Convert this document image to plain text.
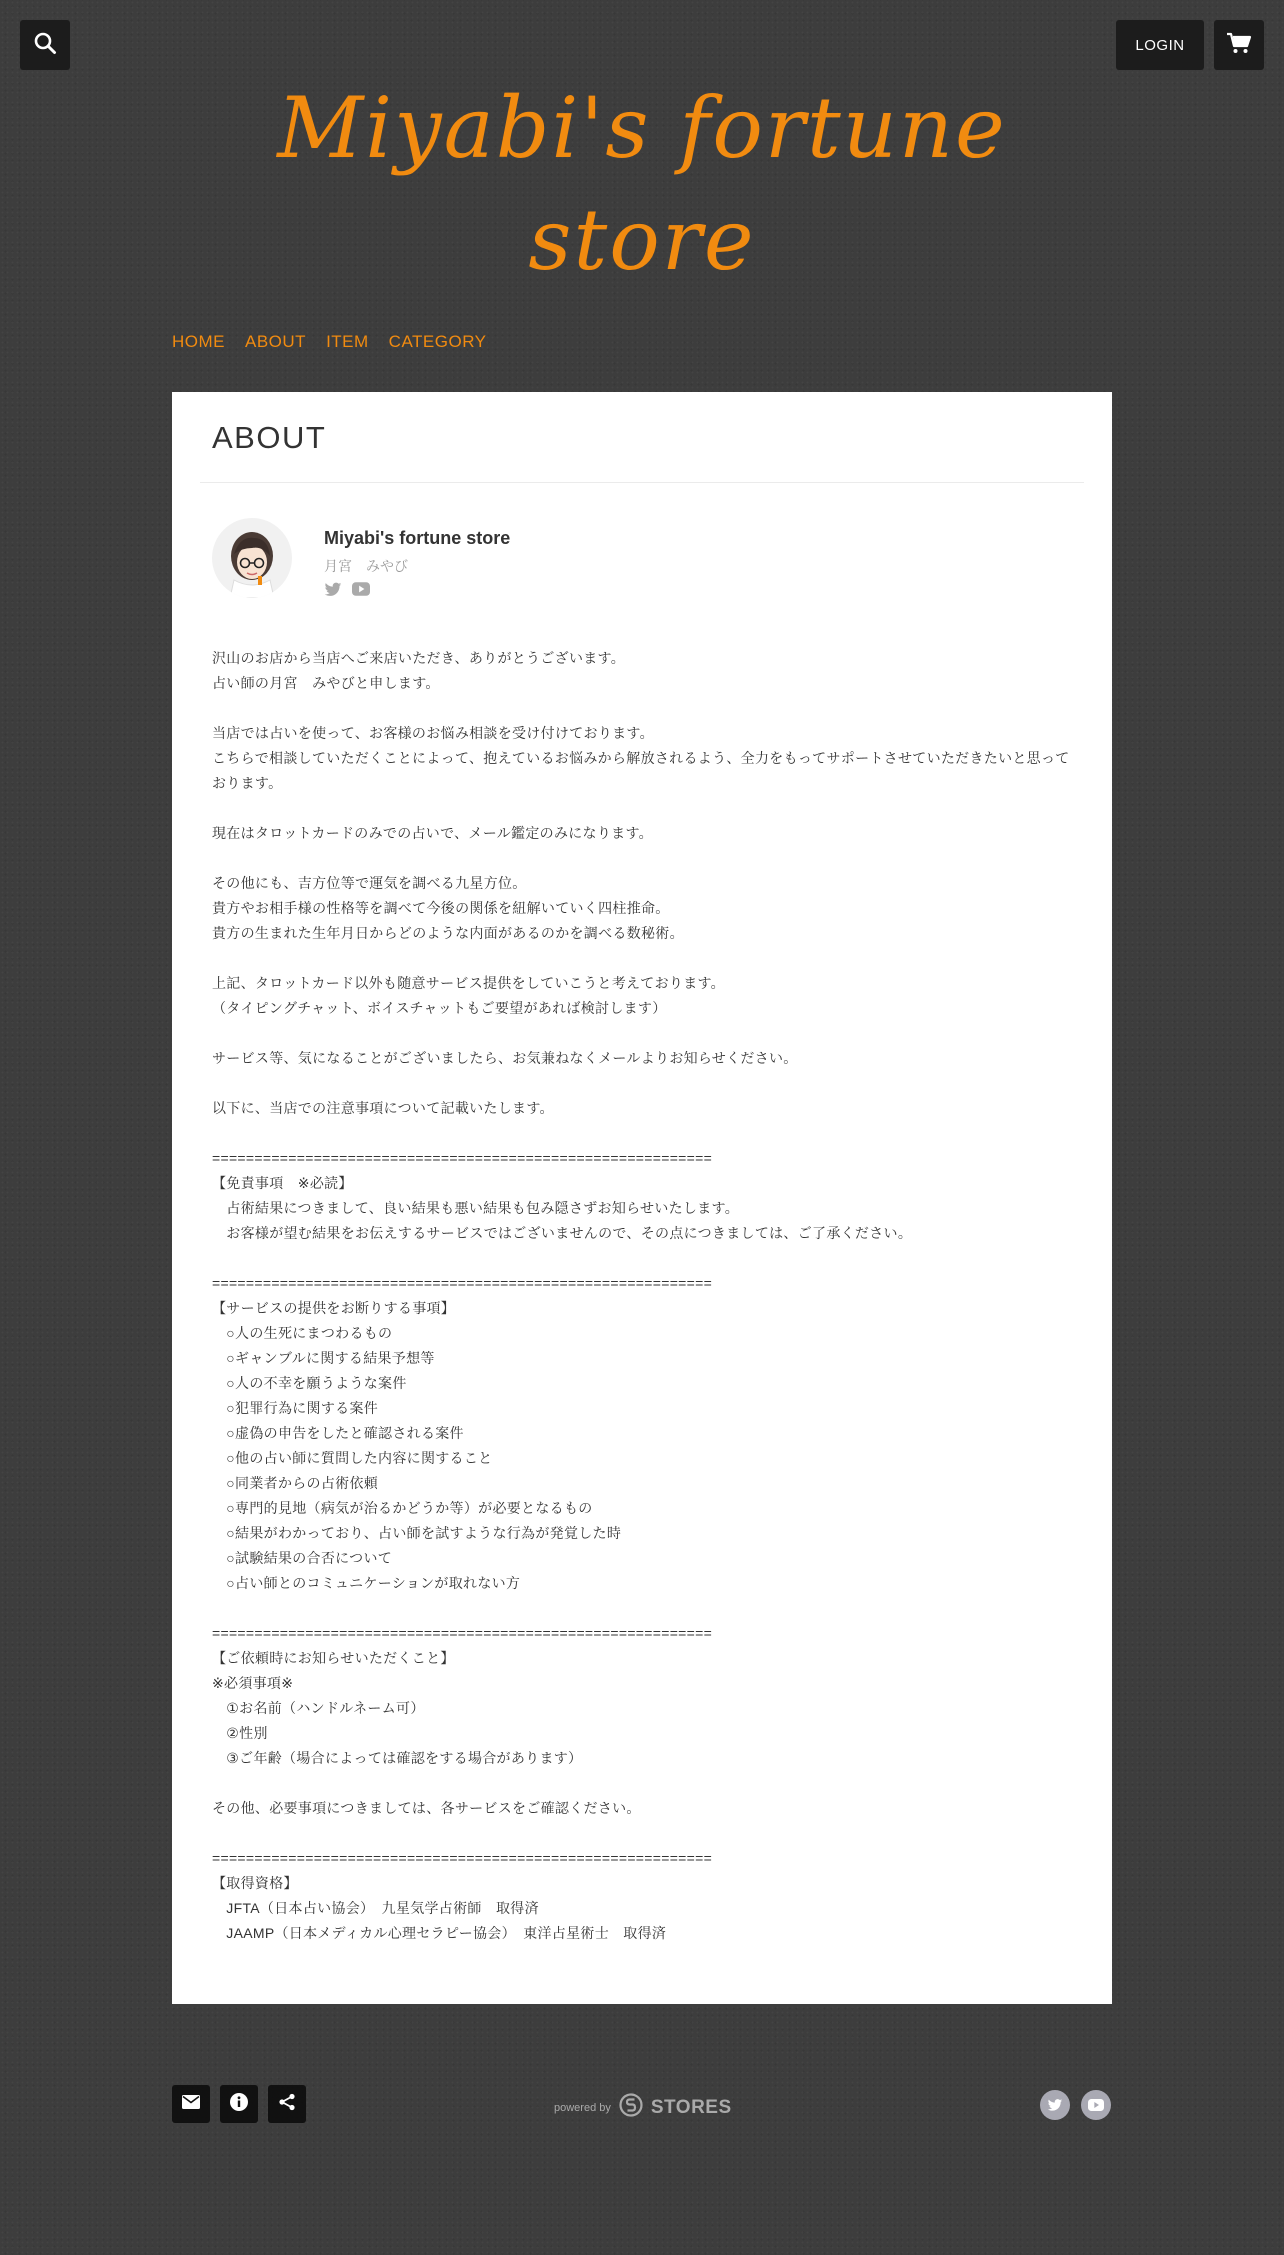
LOGIN
Miyabi's fortune
store
HOME ABOUT ITEM CATEGORY
ABOUT
Miyabi's fortune store
月宮　みやび
沢山のお店から当店へご来店いただき、ありがとうございます。
占い師の月宮　みやびと申します。
当店では占いを使って、お客様のお悩み相談を受け付けております。
こちらで相談していただくことによって、抱えているお悩みから解放されるよう、全力をもってサポートさせていただきたいと思っております。
現在はタロットカードのみでの占いで、メール鑑定のみになります。
その他にも、吉方位等で運気を調べる九星方位。
貴方やお相手様の性格等を調べて今後の関係を紐解いていく四柱推命。
貴方の生まれた生年月日からどのような内面があるのかを調べる数秘術。
上記、タロットカード以外も随意サービス提供をしていこうと考えております。
（タイピングチャット、ボイスチャットもご要望があれば検討します）
サービス等、気になることがございましたら、お気兼ねなくメールよりお知らせください。
以下に、当店での注意事項について記載いたします。
===========================================================
【免責事項　※必読】
　占術結果につきまして、良い結果も悪い結果も包み隠さずお知らせいたします。
　お客様が望む結果をお伝えするサービスではございませんので、その点につきましては、ご了承ください。
===========================================================
【サービスの提供をお断りする事項】
　○人の生死にまつわるもの
　○ギャンブルに関する結果予想等
　○人の不幸を願うような案件
　○犯罪行為に関する案件
　○虚偽の申告をしたと確認される案件
　○他の占い師に質問した内容に関すること
　○同業者からの占術依頼
　○専門的見地（病気が治るかどうか等）が必要となるもの
　○結果がわかっており、占い師を試すような行為が発覚した時
　○試験結果の合否について
　○占い師とのコミュニケーションが取れない方
===========================================================
【ご依頼時にお知らせいただくこと】
※必須事項※
　①お名前（ハンドルネーム可）
　②性別
　③ご年齢（場合によっては確認をする場合があります）
その他、必要事項につきましては、各サービスをご確認ください。
===========================================================
【取得資格】
　JFTA（日本占い協会）　九星気学占術師　取得済
　JAAMP（日本メディカル心理セラピー協会）　東洋占星術士　取得済
powered by STORES
